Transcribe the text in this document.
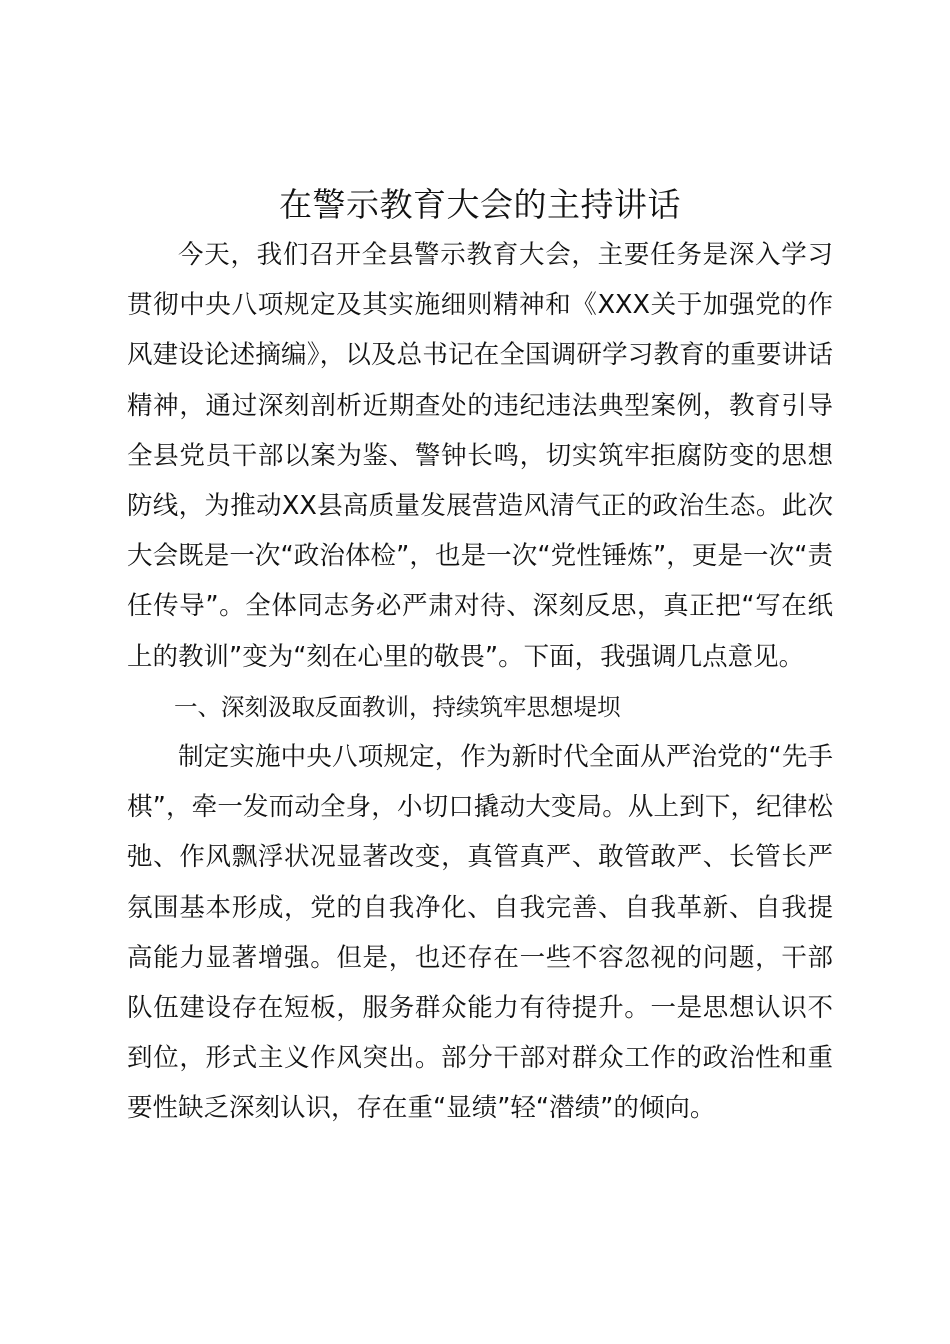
在警示教育大会的主持讲话

今天，我们召开全县警示教育大会，主要任务是深入学习贯彻中央八项规定及其实施细则精神和《XXX关于加强党的作风建设论述摘编》，以及总书记在全国调研学习教育的重要讲话精神，通过深刻剖析近期查处的违纪违法典型案例，教育引导全县党员干部以案为鉴、警钟长鸣，切实筑牢拒腐防变的思想防线，为推动XX县高质量发展营造风清气正的政治生态。此次大会既是一次“政治体检”，也是一次“党性锤炼”，更是一次“责任传导”。全体同志务必严肃对待、深刻反思，真正把“写在纸上的教训”变为“刻在心里的敬畏”。下面，我强调几点意见。

一、深刻汲取反面教训，持续筑牢思想堤坝

制定实施中央八项规定，作为新时代全面从严治党的“先手棋”，牵一发而动全身，小切口撬动大变局。从上到下，纪律松弛、作风飘浮状况显著改变，真管真严、敢管敢严、长管长严氛围基本形成，党的自我净化、自我完善、自我革新、自我提高能力显著增强。但是，也还存在一些不容忽视的问题，干部队伍建设存在短板，服务群众能力有待提升。一是思想认识不到位，形式主义作风突出。部分干部对群众工作的政治性和重要性缺乏深刻认识，存在重“显绩”轻“潜绩”的倾向。
